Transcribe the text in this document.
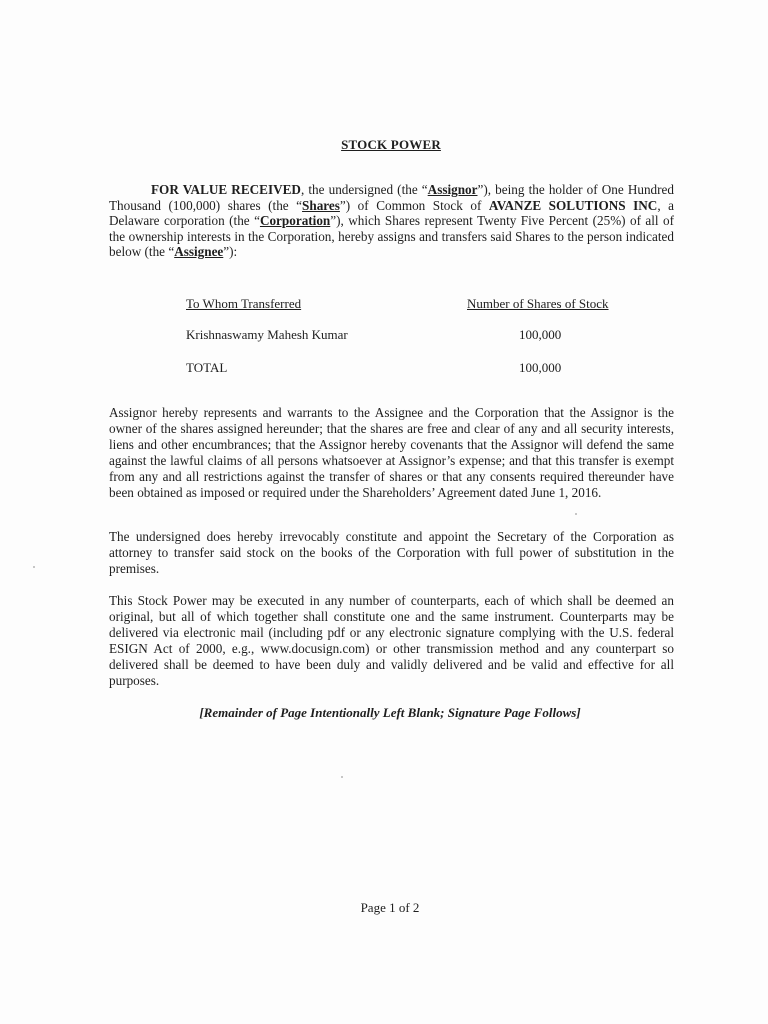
STOCK POWER
FOR VALUE RECEIVED, the undersigned (the “Assignor”), being the holder of One Hundred Thousand (100,000) shares (the “Shares”) of Common Stock of AVANZE SOLUTIONS INC, a Delaware corporation (the “Corporation”), which Shares represent Twenty Five Percent (25%) of all of the ownership interests in the Corporation, hereby assigns and transfers said Shares to the person indicated below (the “Assignee”):
To Whom Transferred	Number of Shares of Stock
Krishnaswamy Mahesh Kumar	100,000
TOTAL	100,000
Assignor hereby represents and warrants to the Assignee and the Corporation that the Assignor is the owner of the shares assigned hereunder; that the shares are free and clear of any and all security interests, liens and other encumbrances; that the Assignor hereby covenants that the Assignor will defend the same against the lawful claims of all persons whatsoever at Assignor’s expense; and that this transfer is exempt from any and all restrictions against the transfer of shares or that any consents required thereunder have been obtained as imposed or required under the Shareholders’ Agreement dated June 1, 2016.
The undersigned does hereby irrevocably constitute and appoint the Secretary of the Corporation as attorney to transfer said stock on the books of the Corporation with full power of substitution in the premises.
This Stock Power may be executed in any number of counterparts, each of which shall be deemed an original, but all of which together shall constitute one and the same instrument. Counterparts may be delivered via electronic mail (including pdf or any electronic signature complying with the U.S. federal ESIGN Act of 2000, e.g., www.docusign.com) or other transmission method and any counterpart so delivered shall be deemed to have been duly and validly delivered and be valid and effective for all purposes.
[Remainder of Page Intentionally Left Blank; Signature Page Follows]
Page 1 of 2
